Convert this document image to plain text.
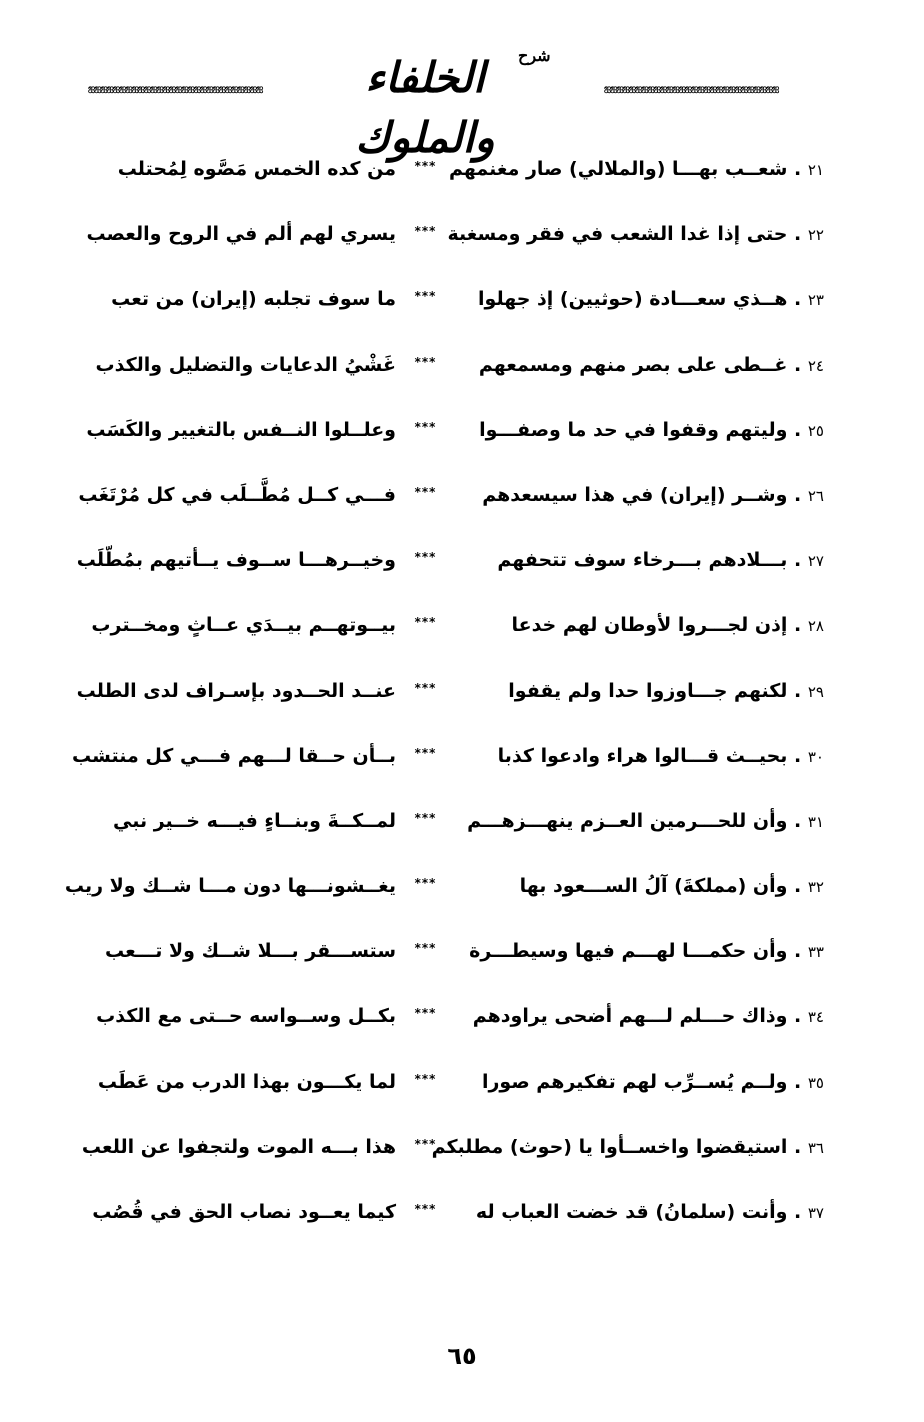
ஐஐஐஐஐஐஐஐஐஐஐஐஐஐஐஐஐஐஐஐஐஐஐஐஐஐஐஐ
شرح
الخلفاء والملوك
ஐஐஐஐஐஐஐஐஐஐஐஐஐஐஐஐஐஐஐஐஐஐஐஐஐஐஐஐ
٢١ . شعــب بهـــا (والملالي) صار مغنمهم
***
من كده الخمس مَصَّوه لِمُحتلب
٢٢ . حتى إذا غدا الشعب في فقر ومسغبة
***
يسري لهم ألم في الروح والعصب
٢٣ . هــذي سعـــادة (حوثيين) إذ جهلوا
***
ما سوف تجلبه (إيران) من تعب
٢٤ . غــطى على بصر منهم ومسمعهم
***
غَشْيُ الدعايات والتضليل والكذب
٢٥ . وليتهم وقفوا في حد ما وصفـــوا
***
وعلــلوا النــفس بالتغيير والكَسَب
٢٦ . وشــر (إيران) في هذا سيسعدهم
***
فـــي كــل مُطَّــلَب في كل مُرْتَغَب
٢٧ . بـــلادهم بـــرخاء سوف تتحفهم
***
وخيــرهـــا ســوف يــأتيهم بمُطّلَب
٢٨ . إذن لجـــروا لأوطان لهم خدعا
***
بيــوتهــم بيــدَي عــاثٍ ومخــترب
٢٩ . لكنهم جـــاوزوا حدا ولم يقفوا
***
عنــد الحــدود بإسـراف لدى الطلب
٣٠ . بحيــث قـــالوا هراء وادعوا كذبا
***
بــأن حــقا لـــهم فـــي كل منتشب
٣١ . وأن للحـــرمين العــزم ينهـــزهـــم
***
لمــكــةَ وبنــاءٍ فيـــه خــير نبي
٣٢ . وأن (مملكةَ) آلُ الســـعود بها
***
يغــشونـــها دون مـــا شــك ولا ريب
٣٣ . وأن حكمـــا لهـــم فيها وسيطـــرة
***
ستســـقر بـــلا شــك ولا تـــعب
٣٤ . وذاك حـــلم لـــهم أضحى يراودهم
***
بكــل وســواسه حــتى مع الكذب
٣٥ . ولــم يُســرِّب لهم تفكيرهم صورا
***
لما يكـــون بهذا الدرب من عَطَب
٣٦ . استيقضوا واخســأوا يا (حوث) مطلبكم
***
هذا بـــه الموت ولتجفوا عن اللعب
٣٧ . وأنت (سلمانُ) قد خضت العباب له
***
كيما يعــود نصاب الحق في قُصُب
٦٥
